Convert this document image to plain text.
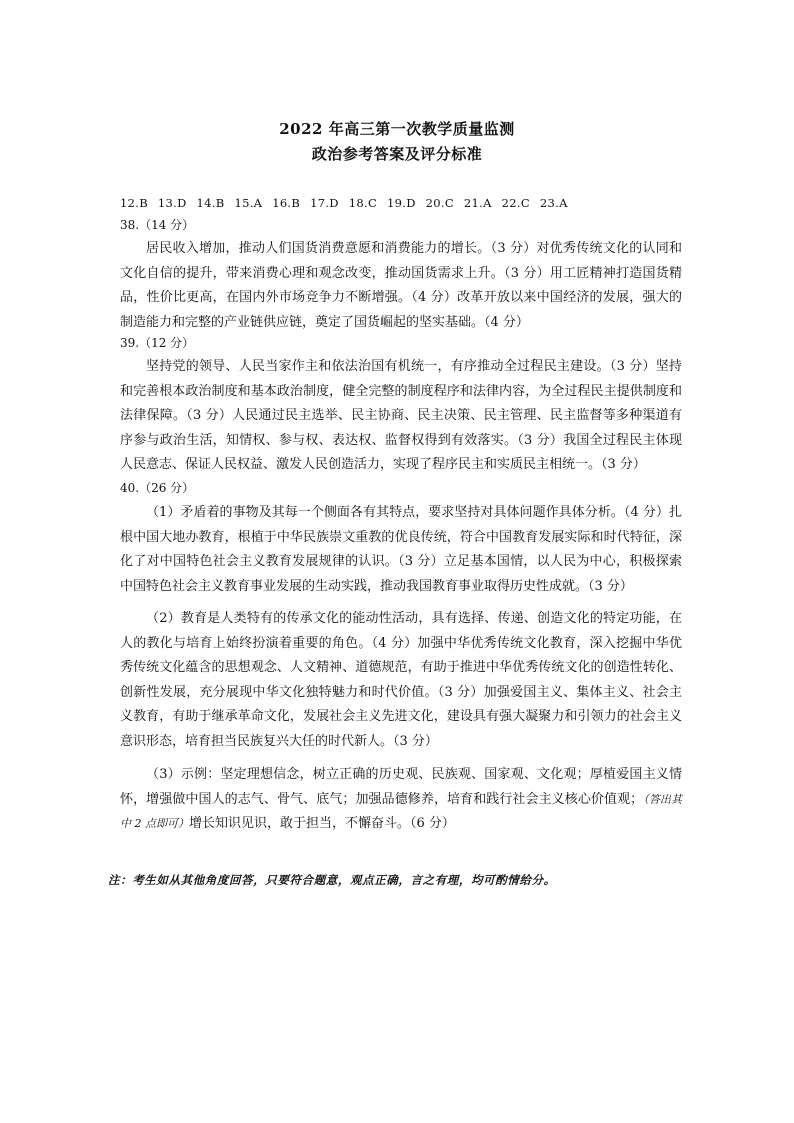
2022 年高三第一次教学质量监测
政治参考答案及评分标准
12.B 13.D 14.B 15.A 16.B 17.D 18.C 19.D 20.C 21.A 22.C 23.A
38.（14 分）

居民收入增加，推动人们国货消费意愿和消费能力的增长。（3 分）对优秀传统文化的认同和文化自信的提升，带来消费心理和观念改变，推动国货需求上升。（3 分）用工匠精神打造国货精品，性价比更高，在国内外市场竞争力不断增强。（4 分）改革开放以来中国经济的发展，强大的制造能力和完整的产业链供应链，奠定了国货崛起的坚实基础。（4 分）

39.（12 分）

坚持党的领导、人民当家作主和依法治国有机统一，有序推动全过程民主建设。（3 分）坚持和完善根本政治制度和基本政治制度，健全完整的制度程序和法律内容，为全过程民主提供制度和法律保障。（3 分）人民通过民主选举、民主协商、民主决策、民主管理、民主监督等多种渠道有序参与政治生活，知情权、参与权、表达权、监督权得到有效落实。（3 分）我国全过程民主体现人民意志、保证人民权益、激发人民创造活力，实现了程序民主和实质民主相统一。（3 分）

40.（26 分）

（1）矛盾着的事物及其每一个侧面各有其特点，要求坚持对具体问题作具体分析。（4 分）扎根中国大地办教育，根植于中华民族崇文重教的优良传统，符合中国教育发展实际和时代特征，深化了对中国特色社会主义教育发展规律的认识。（3 分）立足基本国情，以人民为中心，积极探索中国特色社会主义教育事业发展的生动实践，推动我国教育事业取得历史性成就。（3 分）

（2）教育是人类特有的传承文化的能动性活动，具有选择、传递、创造文化的特定功能，在人的教化与培育上始终扮演着重要的角色。（4 分）加强中华优秀传统文化教育，深入挖掘中华优秀传统文化蕴含的思想观念、人文精神、道德规范，有助于推进中华优秀传统文化的创造性转化、创新性发展，充分展现中华文化独特魅力和时代价值。（3 分）加强爱国主义、集体主义、社会主义教育，有助于继承革命文化，发展社会主义先进文化，建设具有强大凝聚力和引领力的社会主义意识形态，培育担当民族复兴大任的时代新人。（3 分）

（3）示例：坚定理想信念，树立正确的历史观、民族观、国家观、文化观；厚植爱国主义情怀，增强做中国人的志气、骨气、底气；加强品德修养，培育和践行社会主义核心价值观；（答出其中 2 点即可）增长知识见识，敢于担当，不懈奋斗。（6 分）

注：考生如从其他角度回答，只要符合题意，观点正确，言之有理，均可酌情给分。
